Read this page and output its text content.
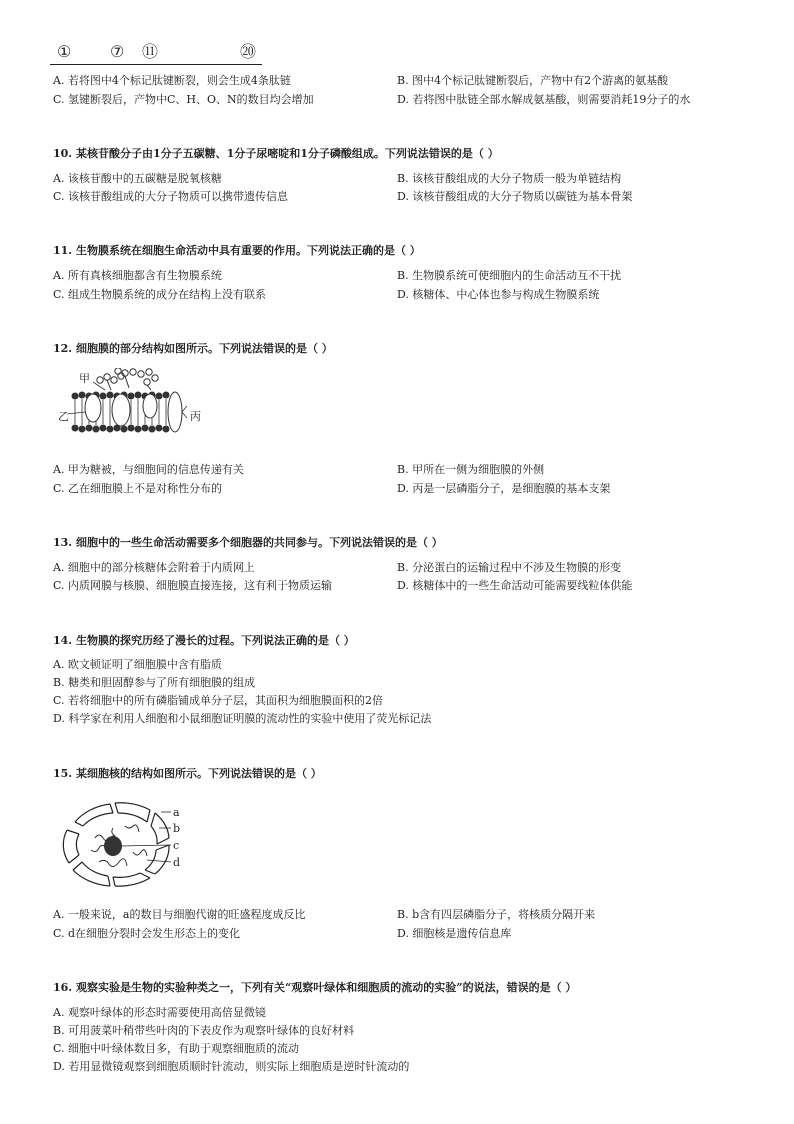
① ⑦ ⑪	⑳
A. 若将图中4个标记肽键断裂，则会生成4条肽链	B. 图中4个标记肽键断裂后，产物中有2个游离的氨基酸
C. 氢键断裂后，产物中C、H、O、N的数目均会增加	D. 若将图中肽链全部水解成氨基酸，则需要消耗19分子的水
10. 某核苷酸分子由1分子五碳糖、1分子尿嘧啶和1分子磷酸组成。下列说法错误的是（ ）
A. 该核苷酸中的五碳糖是脱氧核糖	B. 该核苷酸组成的大分子物质一般为单链结构
C. 该核苷酸组成的大分子物质可以携带遗传信息	D. 该核苷酸组成的大分子物质以碳链为基本骨架
11. 生物膜系统在细胞生命活动中具有重要的作用。下列说法正确的是（ ）
A. 所有真核细胞都含有生物膜系统	B. 生物膜系统可使细胞内的生命活动互不干扰
C. 组成生物膜系统的成分在结构上没有联系	D. 核糖体、中心体也参与构成生物膜系统
12. 细胞膜的部分结构如图所示。下列说法错误的是（ ）
甲
乙	丙
A. 甲为糖被，与细胞间的信息传递有关	B. 甲所在一侧为细胞膜的外侧
C. 乙在细胞膜上不是对称性分布的	D. 丙是一层磷脂分子，是细胞膜的基本支架
13. 细胞中的一些生命活动需要多个细胞器的共同参与。下列说法错误的是（ ）
A. 细胞中的部分核糖体会附着于内质网上	B. 分泌蛋白的运输过程中不涉及生物膜的形变
C. 内质网膜与核膜、细胞膜直接连接，这有利于物质运输	D. 核糖体中的一些生命活动可能需要线粒体供能
14. 生物膜的探究历经了漫长的过程。下列说法正确的是（ ）
A. 欧文顿证明了细胞膜中含有脂质
B. 糖类和胆固醇参与了所有细胞膜的组成
C. 若将细胞中的所有磷脂铺成单分子层，其面积为细胞膜面积的2倍
D. 科学家在利用人细胞和小鼠细胞证明膜的流动性的实验中使用了荧光标记法
15. 某细胞核的结构如图所示。下列说法错误的是（ ）
a
b
c
d
A. 一般来说，a的数目与细胞代谢的旺盛程度成反比	B. b含有四层磷脂分子，将核质分隔开来
C. d在细胞分裂时会发生形态上的变化	D. 细胞核是遗传信息库
16. 观察实验是生物的实验种类之一，下列有关“观察叶绿体和细胞质的流动的实验”的说法，错误的是（ ）
A. 观察叶绿体的形态时需要使用高倍显微镜
B. 可用菠菜叶稍带些叶肉的下表皮作为观察叶绿体的良好材料
C. 细胞中叶绿体数目多，有助于观察细胞质的流动
D. 若用显微镜观察到细胞质顺时针流动，则实际上细胞质是逆时针流动的
